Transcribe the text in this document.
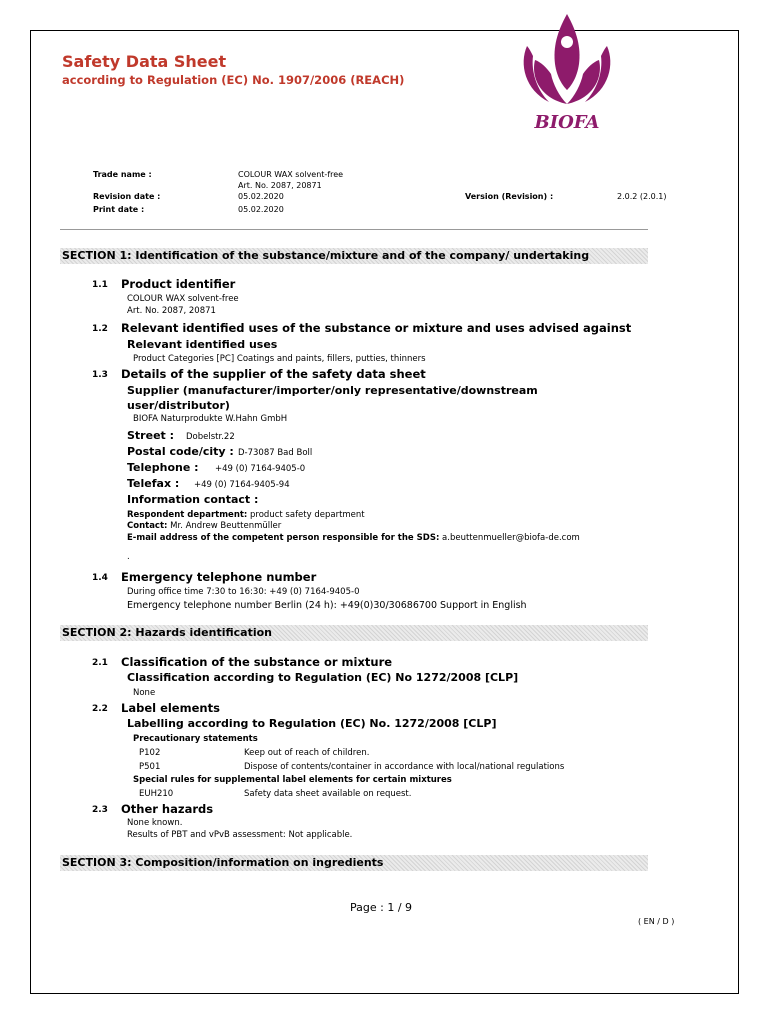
Safety Data Sheet
according to Regulation (EC) No. 1907/2006 (REACH)
BIOFA
Trade name :	COLOUR WAX solvent-free
Art. No. 2087, 20871
Revision date :	05.02.2020	Version (Revision) :	2.0.2 (2.0.1)
Print date :	05.02.2020
SECTION 1: Identification of the substance/mixture and of the company/ undertaking
1.1 Product identifier
COLOUR WAX solvent-free
Art. No. 2087, 20871
1.2 Relevant identified uses of the substance or mixture and uses advised against
Relevant identified uses
Product Categories [PC] Coatings and paints, fillers, putties, thinners
1.3 Details of the supplier of the safety data sheet
Supplier (manufacturer/importer/only representative/downstream
user/distributor)
BIOFA Naturprodukte W.Hahn GmbH
Street : Dobelstr.22
Postal code/city : D-73087 Bad Boll
Telephone : +49 (0) 7164-9405-0
Telefax : +49 (0) 7164-9405-94
Information contact :
Respondent department: product safety department
Contact: Mr. Andrew Beuttenmüller
E-mail address of the competent person responsible for the SDS: a.beuttenmueller@biofa-de.com
.
1.4 Emergency telephone number
During office time 7:30 to 16:30: +49 (0) 7164-9405-0
Emergency telephone number Berlin (24 h): +49(0)30/30686700 Support in English
SECTION 2: Hazards identification
2.1 Classification of the substance or mixture
Classification according to Regulation (EC) No 1272/2008 [CLP]
None
2.2 Label elements
Labelling according to Regulation (EC) No. 1272/2008 [CLP]
Precautionary statements
P102	Keep out of reach of children.
P501	Dispose of contents/container in accordance with local/national regulations
Special rules for supplemental label elements for certain mixtures
EUH210	Safety data sheet available on request.
2.3 Other hazards
None known.
Results of PBT and vPvB assessment: Not applicable.
SECTION 3: Composition/information on ingredients
Page : 1 / 9
( EN / D )
